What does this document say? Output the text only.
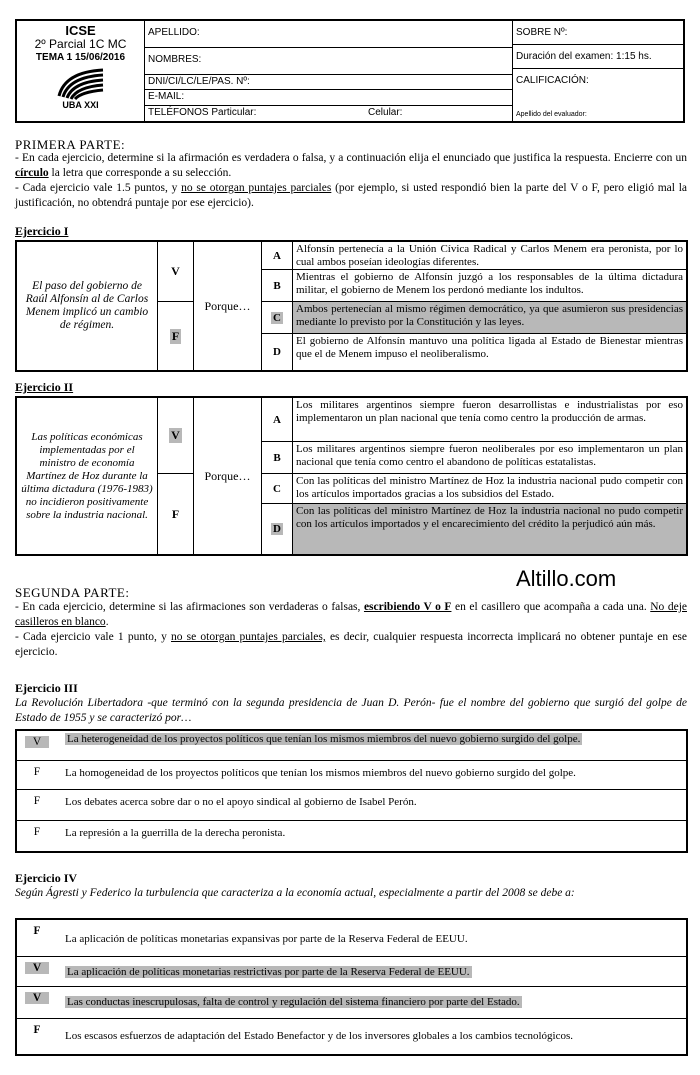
ICSE
2º Parcial 1C MC
TEMA 1 15/06/2016
UBA XXI
APELLIDO:
NOMBRES:
DNI/CI/LC/LE/PAS. Nº:
E-MAIL:
TELÉFONOS Particular:	Celular:
SOBRE Nº:
Duración del examen: 1:15 hs.
CALIFICACIÓN:
Apellido del evaluador:
PRIMERA PARTE:
- En cada ejercicio, determine si la afirmación es verdadera o falsa, y a continuación elija el enunciado que justifica la respuesta. Encierre con un círculo la letra que corresponde a su selección.
- Cada ejercicio vale 1.5 puntos, y no se otorgan puntajes parciales (por ejemplo, si usted respondió bien la parte del V o F, pero eligió mal la justificación, no obtendrá puntaje por ese ejercicio).
Ejercicio I
El paso del gobierno de Raúl Alfonsín al de Carlos Menem implicó un cambio de régimen.
V
F
Porque…
A
Alfonsín pertenecía a la Unión Cívica Radical y Carlos Menem era peronista, por lo cual ambos poseían ideologías diferentes.
B
Mientras el gobierno de Alfonsín juzgó a los responsables de la última dictadura militar, el gobierno de Menem los perdonó mediante los indultos.
C
Ambos pertenecían al mismo régimen democrático, ya que asumieron sus presidencias mediante lo previsto por la Constitución y las leyes.
D
El gobierno de Alfonsín mantuvo una política ligada al Estado de Bienestar mientras que el de Menem impuso el neoliberalismo.
Ejercicio II
Las políticas económicas implementadas por el ministro de economía Martínez de Hoz durante la última dictadura (1976-1983) no incidieron positivamente sobre la industria nacional.
V
F
Porque…
A
Los militares argentinos siempre fueron desarrollistas e industrialistas por eso implementaron un plan nacional que tenía como centro la producción de armas.
B
Los militares argentinos siempre fueron neoliberales por eso implementaron un plan nacional que tenía como centro el abandono de políticas estatalistas.
C
Con las políticas del ministro Martínez de Hoz la industria nacional pudo competir con los artículos importados gracias a los subsidios del Estado.
D
Con las políticas del ministro Martínez de Hoz la industria nacional no pudo competir con los artículos importados y el encarecimiento del crédito la perjudicó aún más.
Altillo.com
SEGUNDA PARTE:
- En cada ejercicio, determine si las afirmaciones son verdaderas o falsas, escribiendo V o F en el casillero que acompaña a cada una. No deje casilleros en blanco.
- Cada ejercicio vale 1 punto, y no se otorgan puntajes parciales, es decir, cualquier respuesta incorrecta implicará no obtener puntaje en ese ejercicio.
Ejercicio III
La Revolución Libertadora -que terminó con la segunda presidencia de Juan D. Perón- fue el nombre del gobierno que surgió del golpe de Estado de 1955 y se caracterizó por…
V	La heterogeneidad de los proyectos políticos que tenían los mismos miembros del nuevo gobierno surgido del golpe.
F	La homogeneidad de los proyectos políticos que tenían los mismos miembros del nuevo gobierno surgido del golpe.
F	Los debates acerca sobre dar o no el apoyo sindical al gobierno de Isabel Perón.
F	La represión a la guerrilla de la derecha peronista.
Ejercicio IV
Según Ágresti y Federico la turbulencia que caracteriza a la economía actual, especialmente a partir del 2008 se debe a:
F
La aplicación de políticas monetarias expansivas por parte de la Reserva Federal de EEUU.
V	La aplicación de políticas monetarias restrictivas por parte de la Reserva Federal de EEUU.
V	Las conductas inescrupulosas, falta de control y regulación del sistema financiero por parte del Estado.
F	Los escasos esfuerzos de adaptación del Estado Benefactor y de los inversores globales a los cambios tecnológicos.
